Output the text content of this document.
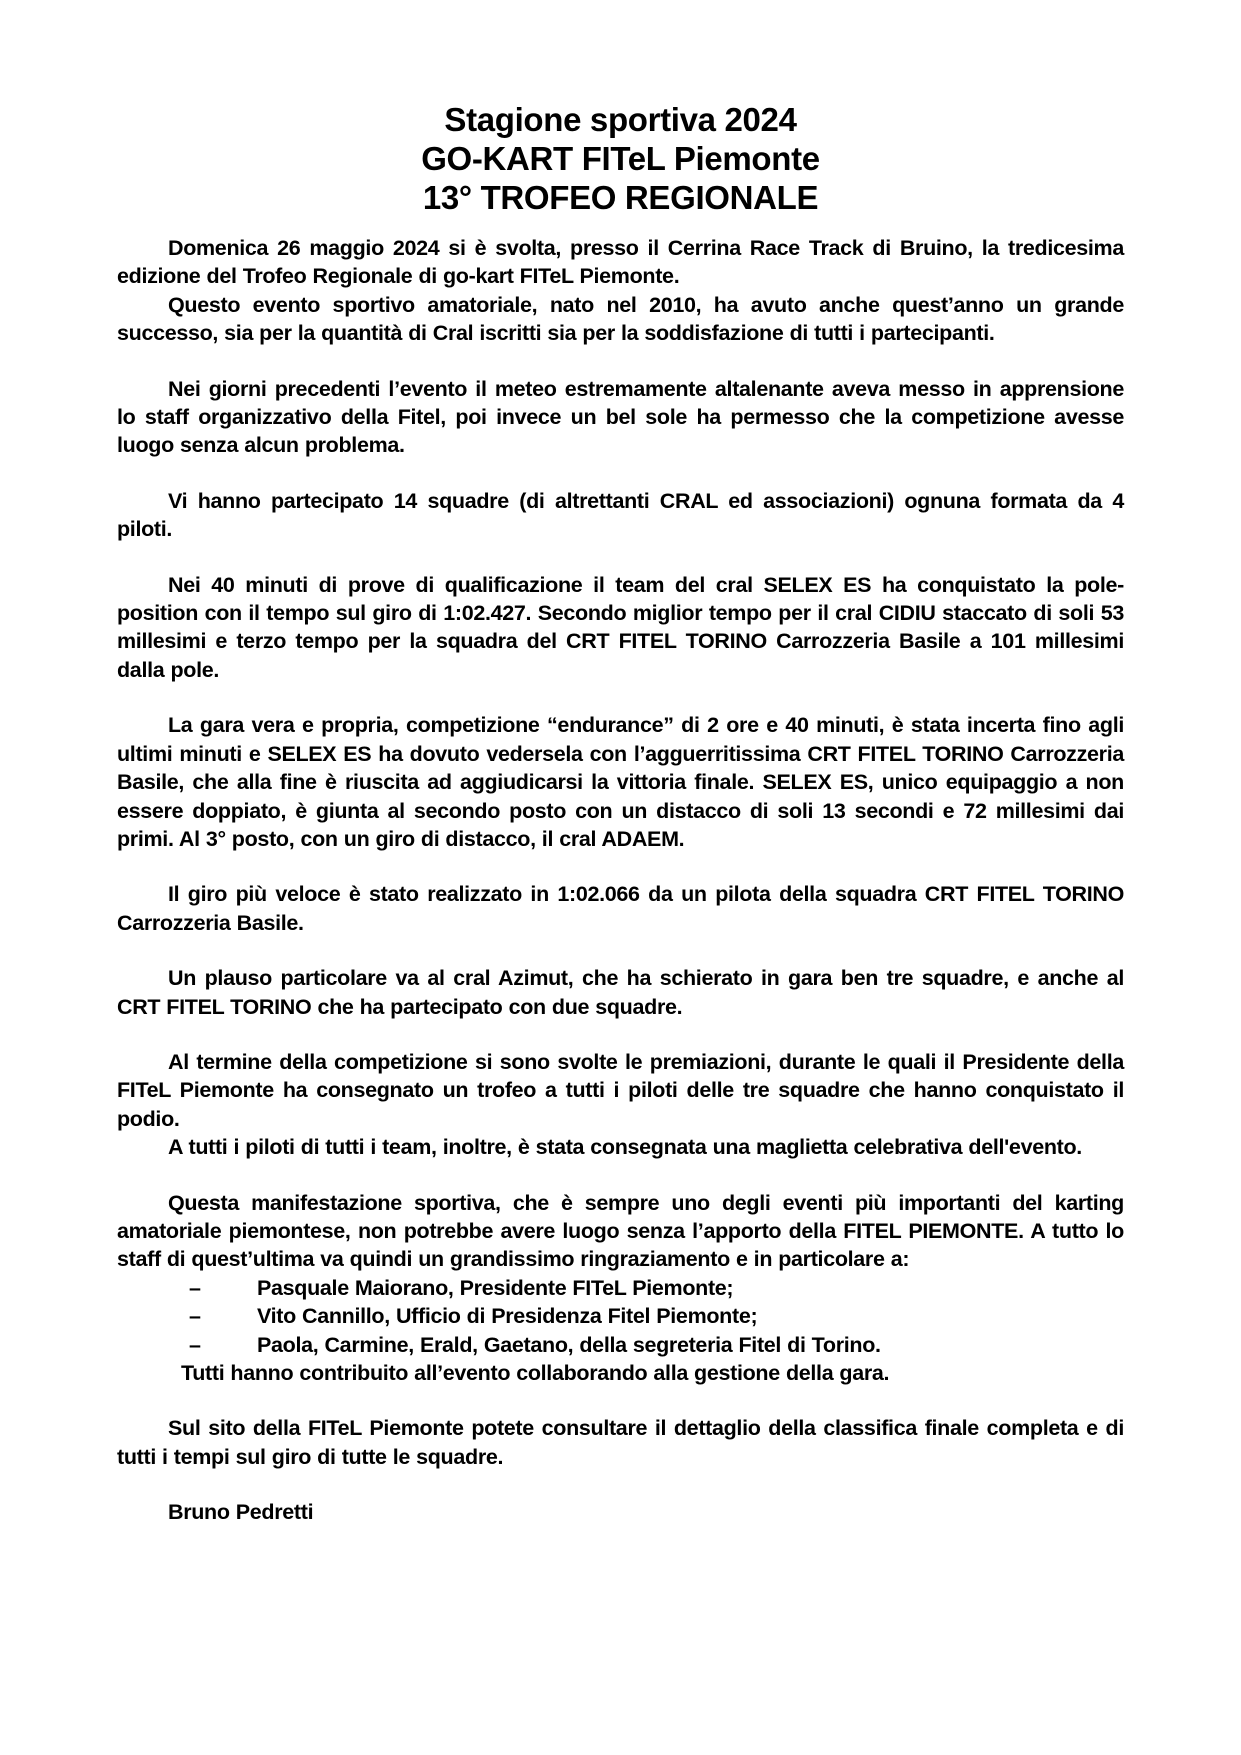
Stagione sportiva 2024
GO-KART FITeL Piemonte
13° TROFEO REGIONALE

Domenica 26 maggio 2024 si è svolta, presso il Cerrina Race Track di Bruino, la tredicesima edizione del Trofeo Regionale di go-kart FITeL Piemonte.

Questo evento sportivo amatoriale, nato nel 2010, ha avuto anche quest’anno un grande successo, sia per la quantità di Cral iscritti sia per la soddisfazione di tutti i partecipanti.

Nei giorni precedenti l’evento il meteo estremamente altalenante aveva messo in apprensione lo staff organizzativo della Fitel, poi invece un bel sole ha permesso che la competizione avesse luogo senza alcun problema.

Vi hanno partecipato 14 squadre (di altrettanti CRAL ed associazioni) ognuna formata da 4 piloti.

Nei 40 minuti di prove di qualificazione il team del cral SELEX ES ha conquistato la pole-position con il tempo sul giro di 1:02.427. Secondo miglior tempo per il cral CIDIU staccato di soli 53 millesimi e terzo tempo per la squadra del CRT FITEL TORINO Carrozzeria Basile a 101 millesimi dalla pole.

La gara vera e propria, competizione “endurance” di 2 ore e 40 minuti, è stata incerta fino agli ultimi minuti e SELEX ES ha dovuto vedersela con l’agguerritissima CRT FITEL TORINO Carrozzeria Basile, che alla fine è riuscita ad aggiudicarsi la vittoria finale. SELEX ES, unico equipaggio a non essere doppiato, è giunta al secondo posto con un distacco di soli 13 secondi e 72 millesimi dai primi. Al 3° posto, con un giro di distacco, il cral ADAEM.

Il giro più veloce è stato realizzato in 1:02.066 da un pilota della squadra CRT FITEL TORINO Carrozzeria Basile.

Un plauso particolare va al cral Azimut, che ha schierato in gara ben tre squadre, e anche al CRT FITEL TORINO che ha partecipato con due squadre.

Al termine della competizione si sono svolte le premiazioni, durante le quali il Presidente della FITeL Piemonte ha consegnato un trofeo a tutti i piloti delle tre squadre che hanno conquistato il podio.

A tutti i piloti di tutti i team, inoltre, è stata consegnata una maglietta celebrativa dell'evento.

Questa manifestazione sportiva, che è sempre uno degli eventi più importanti del karting amatoriale piemontese, non potrebbe avere luogo senza l’apporto della FITEL PIEMONTE. A tutto lo staff di quest’ultima va quindi un grandissimo ringraziamento e in particolare a:

–	Pasquale Maiorano, Presidente FITeL Piemonte;
–	Vito Cannillo, Ufficio di Presidenza Fitel Piemonte;
–	Paola, Carmine, Erald, Gaetano, della segreteria Fitel di Torino.

Tutti hanno contribuito all’evento collaborando alla gestione della gara.

Sul sito della FITeL Piemonte potete consultare il dettaglio della classifica finale completa e di tutti i tempi sul giro di tutte le squadre.

Bruno Pedretti
